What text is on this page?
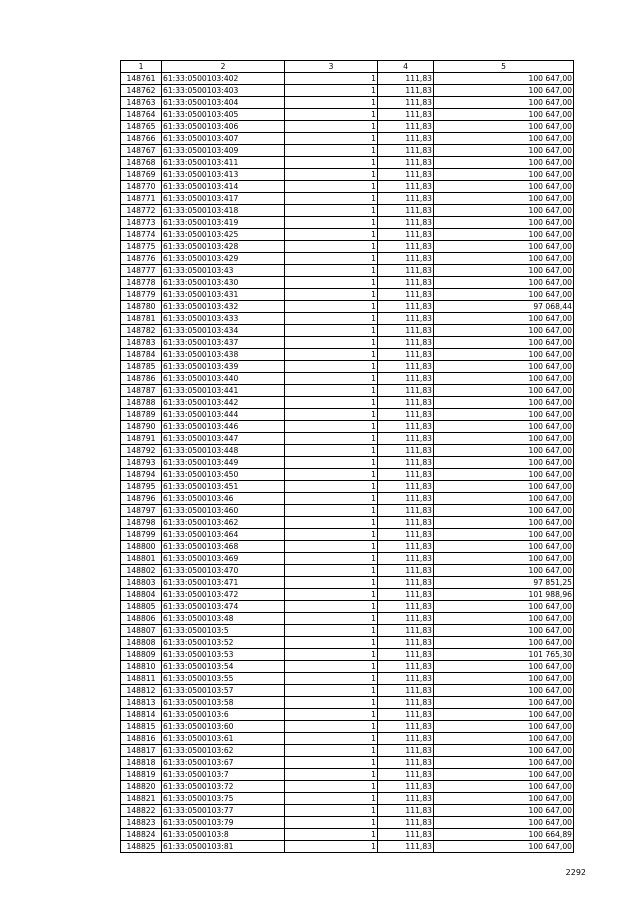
1	2	3	4	5
148761	61:33:0500103:402	1	111,83	100 647,00
148762	61:33:0500103:403	1	111,83	100 647,00
148763	61:33:0500103:404	1	111,83	100 647,00
148764	61:33:0500103:405	1	111,83	100 647,00
148765	61:33:0500103:406	1	111,83	100 647,00
148766	61:33:0500103:407	1	111,83	100 647,00
148767	61:33:0500103:409	1	111,83	100 647,00
148768	61:33:0500103:411	1	111,83	100 647,00
148769	61:33:0500103:413	1	111,83	100 647,00
148770	61:33:0500103:414	1	111,83	100 647,00
148771	61:33:0500103:417	1	111,83	100 647,00
148772	61:33:0500103:418	1	111,83	100 647,00
148773	61:33:0500103:419	1	111,83	100 647,00
148774	61:33:0500103:425	1	111,83	100 647,00
148775	61:33:0500103:428	1	111,83	100 647,00
148776	61:33:0500103:429	1	111,83	100 647,00
148777	61:33:0500103:43	1	111,83	100 647,00
148778	61:33:0500103:430	1	111,83	100 647,00
148779	61:33:0500103:431	1	111,83	100 647,00
148780	61:33:0500103:432	1	111,83	97 068,44
148781	61:33:0500103:433	1	111,83	100 647,00
148782	61:33:0500103:434	1	111,83	100 647,00
148783	61:33:0500103:437	1	111,83	100 647,00
148784	61:33:0500103:438	1	111,83	100 647,00
148785	61:33:0500103:439	1	111,83	100 647,00
148786	61:33:0500103:440	1	111,83	100 647,00
148787	61:33:0500103:441	1	111,83	100 647,00
148788	61:33:0500103:442	1	111,83	100 647,00
148789	61:33:0500103:444	1	111,83	100 647,00
148790	61:33:0500103:446	1	111,83	100 647,00
148791	61:33:0500103:447	1	111,83	100 647,00
148792	61:33:0500103:448	1	111,83	100 647,00
148793	61:33:0500103:449	1	111,83	100 647,00
148794	61:33:0500103:450	1	111,83	100 647,00
148795	61:33:0500103:451	1	111,83	100 647,00
148796	61:33:0500103:46	1	111,83	100 647,00
148797	61:33:0500103:460	1	111,83	100 647,00
148798	61:33:0500103:462	1	111,83	100 647,00
148799	61:33:0500103:464	1	111,83	100 647,00
148800	61:33:0500103:468	1	111,83	100 647,00
148801	61:33:0500103:469	1	111,83	100 647,00
148802	61:33:0500103:470	1	111,83	100 647,00
148803	61:33:0500103:471	1	111,83	97 851,25
148804	61:33:0500103:472	1	111,83	101 988,96
148805	61:33:0500103:474	1	111,83	100 647,00
148806	61:33:0500103:48	1	111,83	100 647,00
148807	61:33:0500103:5	1	111,83	100 647,00
148808	61:33:0500103:52	1	111,83	100 647,00
148809	61:33:0500103:53	1	111,83	101 765,30
148810	61:33:0500103:54	1	111,83	100 647,00
148811	61:33:0500103:55	1	111,83	100 647,00
148812	61:33:0500103:57	1	111,83	100 647,00
148813	61:33:0500103:58	1	111,83	100 647,00
148814	61:33:0500103:6	1	111,83	100 647,00
148815	61:33:0500103:60	1	111,83	100 647,00
148816	61:33:0500103:61	1	111,83	100 647,00
148817	61:33:0500103:62	1	111,83	100 647,00
148818	61:33:0500103:67	1	111,83	100 647,00
148819	61:33:0500103:7	1	111,83	100 647,00
148820	61:33:0500103:72	1	111,83	100 647,00
148821	61:33:0500103:75	1	111,83	100 647,00
148822	61:33:0500103:77	1	111,83	100 647,00
148823	61:33:0500103:79	1	111,83	100 647,00
148824	61:33:0500103:8	1	111,83	100 664,89
148825	61:33:0500103:81	1	111,83	100 647,00
2292
